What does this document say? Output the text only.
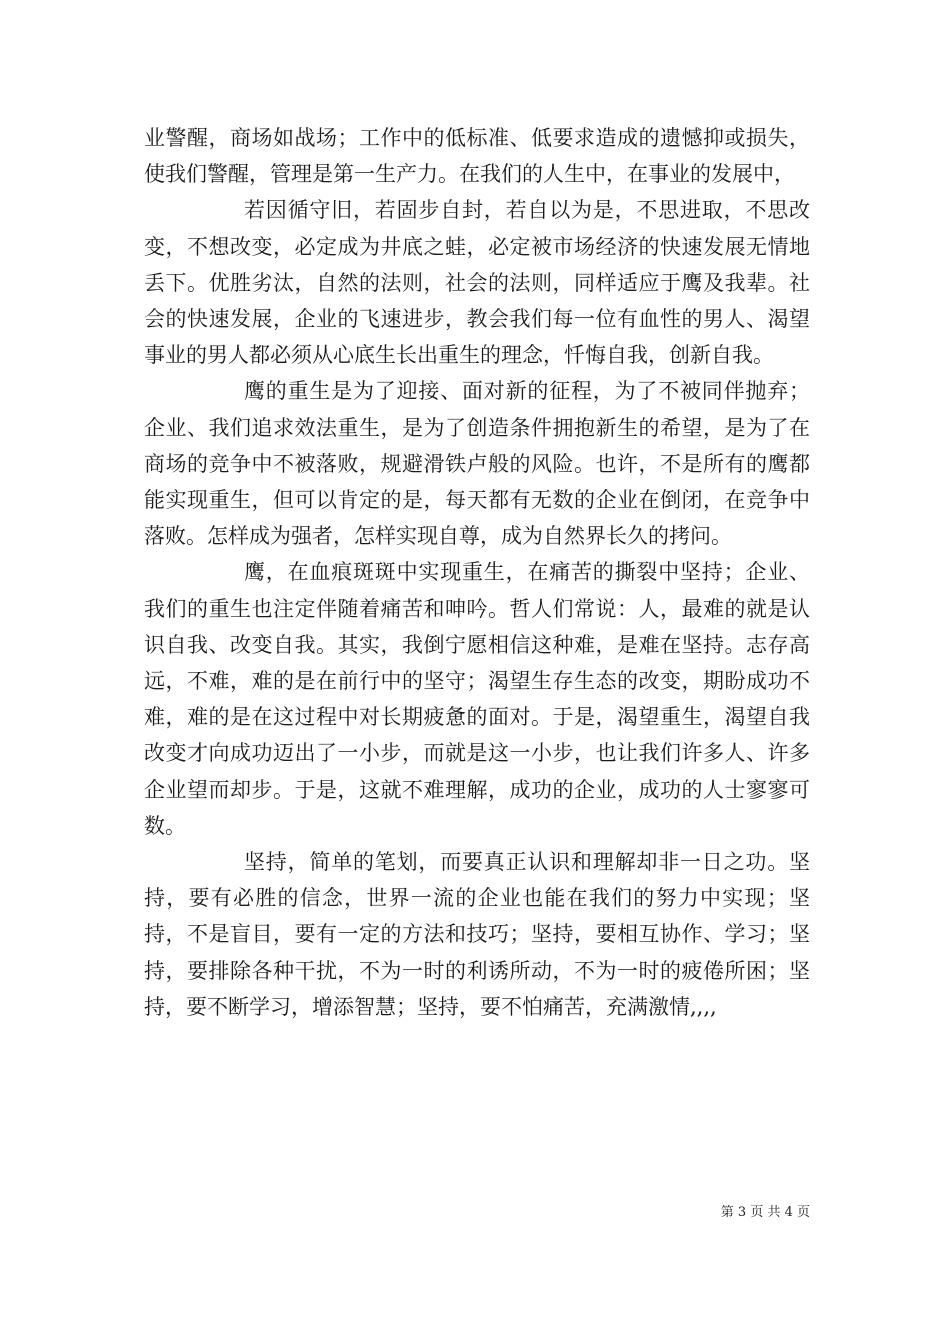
业警醒，商场如战场；工作中的低标准、低要求造成的遗憾抑或损失，使我们警醒，管理是第一生产力。在我们的人生中，在事业的发展中，

若因循守旧，若固步自封，若自以为是，不思进取，不思改变，不想改变，必定成为井底之蛙，必定被市场经济的快速发展无情地丢下。优胜劣汰，自然的法则，社会的法则，同样适应于鹰及我辈。社会的快速发展，企业的飞速进步，教会我们每一位有血性的男人、渴望事业的男人都必须从心底生长出重生的理念，忏悔自我，创新自我。

鹰的重生是为了迎接、面对新的征程，为了不被同伴抛弃；企业、我们追求效法重生，是为了创造条件拥抱新生的希望，是为了在商场的竞争中不被落败，规避滑铁卢般的风险。也许，不是所有的鹰都能实现重生，但可以肯定的是，每天都有无数的企业在倒闭，在竞争中落败。怎样成为强者，怎样实现自尊，成为自然界长久的拷问。

鹰，在血痕斑斑中实现重生，在痛苦的撕裂中坚持；企业、我们的重生也注定伴随着痛苦和呻吟。哲人们常说：人，最难的就是认识自我、改变自我。其实，我倒宁愿相信这种难，是难在坚持。志存高远，不难，难的是在前行中的坚守；渴望生存生态的改变，期盼成功不难，难的是在这过程中对长期疲惫的面对。于是，渴望重生，渴望自我改变才向成功迈出了一小步，而就是这一小步，也让我们许多人、许多企业望而却步。于是，这就不难理解，成功的企业，成功的人士寥寥可数。

坚持，简单的笔划，而要真正认识和理解却非一日之功。坚持，要有必胜的信念，世界一流的企业也能在我们的努力中实现；坚持，不是盲目，要有一定的方法和技巧；坚持，要相互协作、学习；坚持，要排除各种干扰，不为一时的利诱所动，不为一时的疲倦所困；坚持，要不断学习，增添智慧；坚持，要不怕痛苦，充满激情,,,,

第 3 页 共 4 页
